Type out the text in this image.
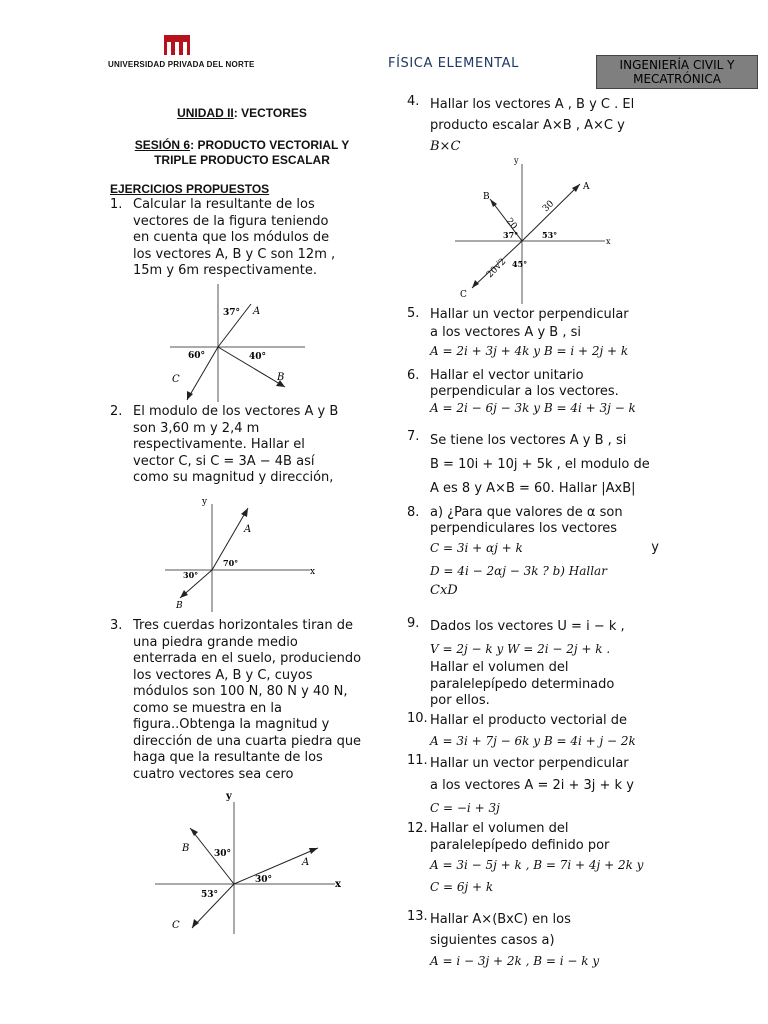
UNIVERSIDAD PRIVADA DEL NORTE	FÍSICA ELEMENTAL	INGENIERÍA CIVIL Y
MECATRÓNICA
UNIDAD II: VECTORES
SESIÓN 6: PRODUCTO VECTORIAL Y
TRIPLE PRODUCTO ESCALAR
EJERCICIOS PROPUESTOS
1. Calcular la resultante de los
vectores de la figura teniendo
en cuenta que los módulos de
los vectores A, B y C son 12m ,
15m y 6m respectivamente.
2. El modulo de los vectores A y B
son 3,60 m y 2,4 m
respectivamente. Hallar el
vector C, si C = 3A − 4B así
como su magnitud y dirección,
3. Tres cuerdas horizontales tiran de
una piedra grande medio
enterrada en el suelo, produciendo
los vectores A, B y C, cuyos
módulos son 100 N, 80 N y 40 N,
como se muestra en la
figura..Obtenga la magnitud y
dirección de una cuarta piedra que
haga que la resultante de los
cuatro vectores sea cero
37°
60°	40°
A
B
C
y
x
70°
30°
A
B
y
x
30°
30°
53°
A
B
C
4. Hallar los vectores A , B y C . El
producto escalar A×B , A×C y
B×C
5. Hallar un vector perpendicular
a los vectores A y B , si
A = 2i + 3j + 4k y B = i + 2j + k
6. Hallar el vector unitario
perpendicular a los vectores.
A = 2i − 6j − 3k y B = 4i + 3j − k
7. Se tiene los vectores A y B , si
B = 10i + 10j + 5k , el modulo de
A es 8 y A×B = 60. Hallar |AxB|
8. a) ¿Para que valores de α son
perpendiculares los vectores
C = 3i + αj + k	y
D = 4i − 2αj − 3k ? b) Hallar
CxD
9. Dados los vectores U = i − k ,
V = 2j − k y W = 2i − 2j + k .
Hallar el volumen del
paralelepípedo determinado
por ellos.
10. Hallar el producto vectorial de
A = 3i + 7j − 6k y B = 4i + j − 2k
11. Hallar un vector perpendicular
a los vectores A = 2i + 3j + k y
C = −i + 3j
12. Hallar el volumen del
paralelepípedo definido por
A = 3i − 5j + k , B = 7i + 4j + 2k y
C = 6j + k
13. Hallar A×(BxC) en los
siguientes casos a)
A = i − 3j + 2k , B = i − k y
y
x
37°	53°
45°
20
30
20√2
A
B
C
